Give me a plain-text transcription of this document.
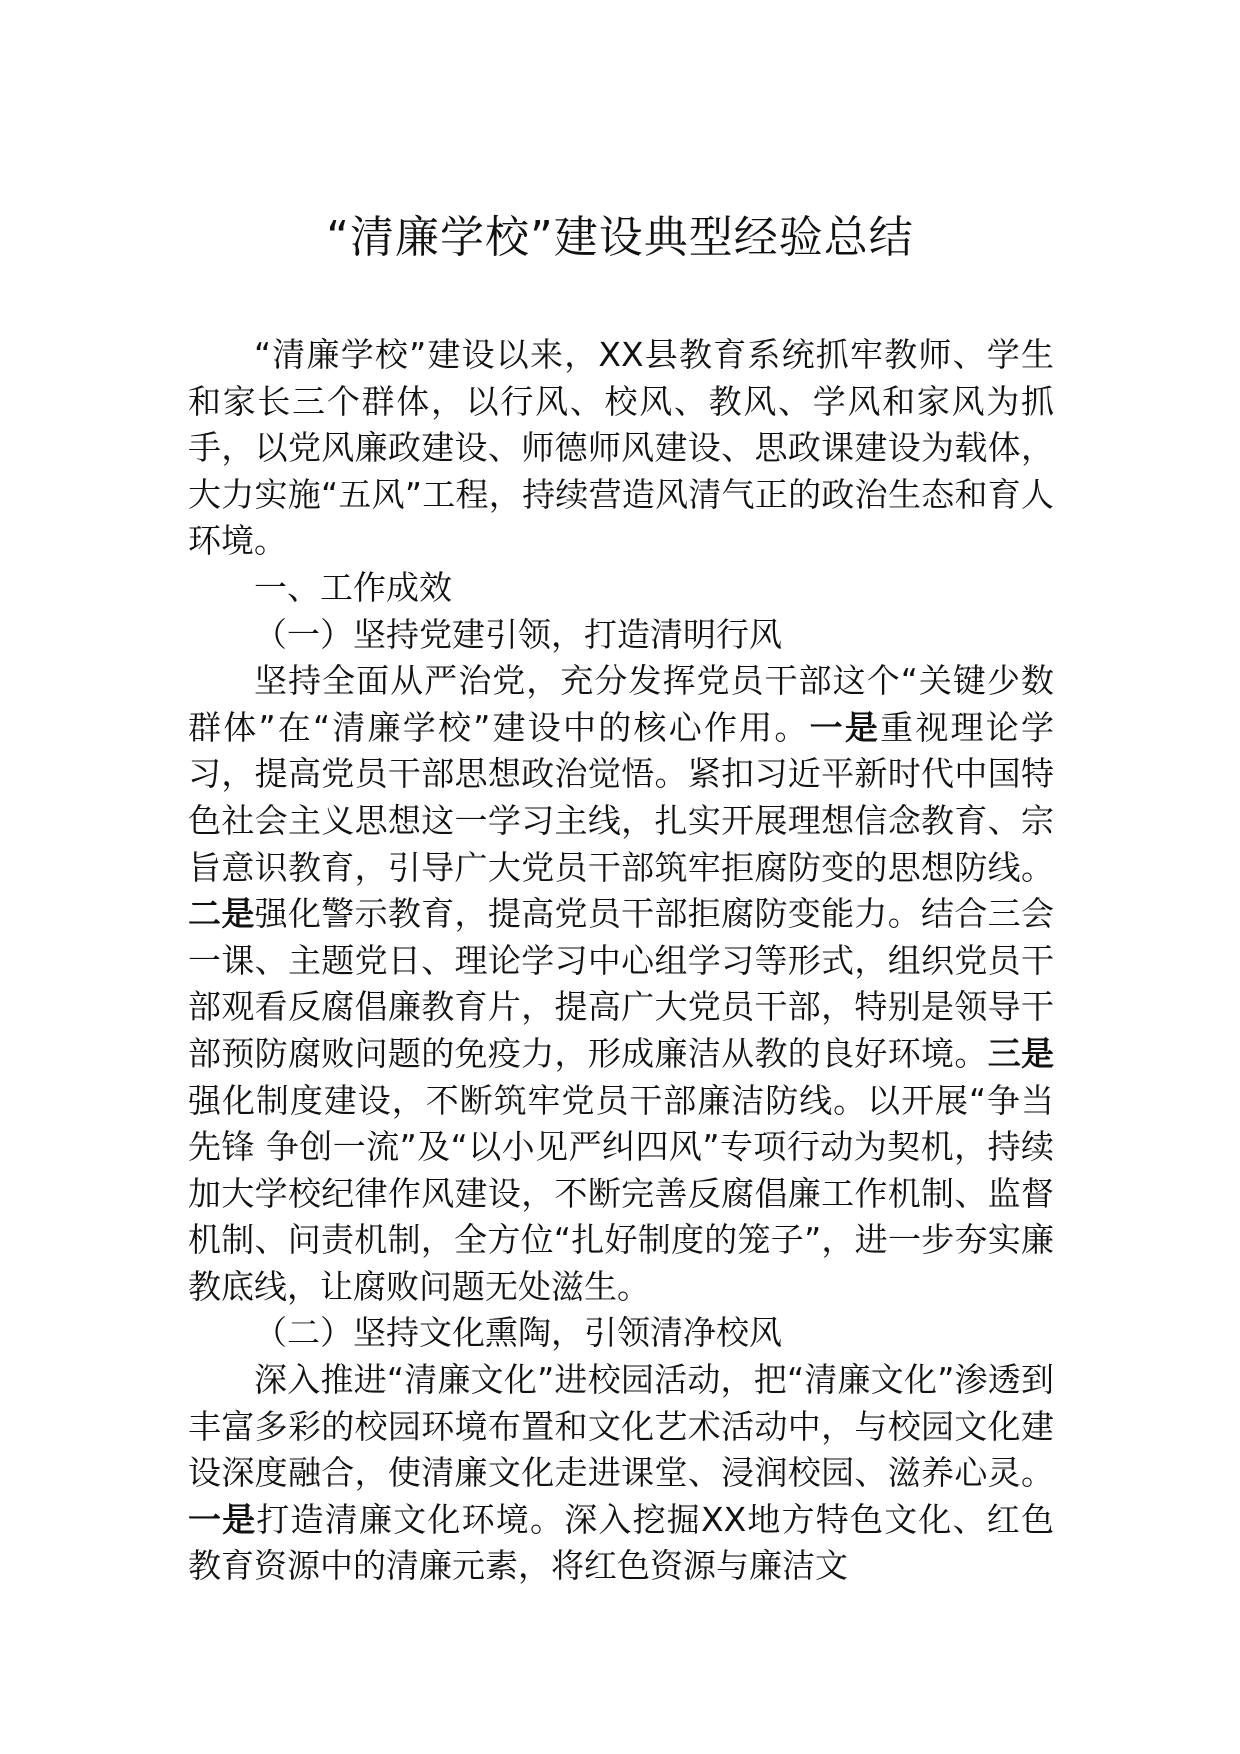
“清廉学校”建设典型经验总结

“清廉学校”建设以来，XX县教育系统抓牢教师、学生和家长三个群体，以行风、校风、教风、学风和家风为抓手，以党风廉政建设、师德师风建设、思政课建设为载体，大力实施“五风”工程，持续营造风清气正的政治生态和育人环境。

一、工作成效

（一）坚持党建引领，打造清明行风

坚持全面从严治党，充分发挥党员干部这个“关键少数群体”在“清廉学校”建设中的核心作用。一是重视理论学习，提高党员干部思想政治觉悟。紧扣习近平新时代中国特色社会主义思想这一学习主线，扎实开展理想信念教育、宗旨意识教育，引导广大党员干部筑牢拒腐防变的思想防线。二是强化警示教育，提高党员干部拒腐防变能力。结合三会一课、主题党日、理论学习中心组学习等形式，组织党员干部观看反腐倡廉教育片，提高广大党员干部，特别是领导干部预防腐败问题的免疫力，形成廉洁从教的良好环境。三是强化制度建设，不断筑牢党员干部廉洁防线。以开展“争当先锋 争创一流”及“以小见严纠四风”专项行动为契机，持续加大学校纪律作风建设，不断完善反腐倡廉工作机制、监督机制、问责机制，全方位“扎好制度的笼子”，进一步夯实廉教底线，让腐败问题无处滋生。

（二）坚持文化熏陶，引领清净校风

深入推进“清廉文化”进校园活动，把“清廉文化”渗透到丰富多彩的校园环境布置和文化艺术活动中，与校园文化建设深度融合，使清廉文化走进课堂、浸润校园、滋养心灵。一是打造清廉文化环境。深入挖掘XX地方特色文化、红色教育资源中的清廉元素，将红色资源与廉洁文
